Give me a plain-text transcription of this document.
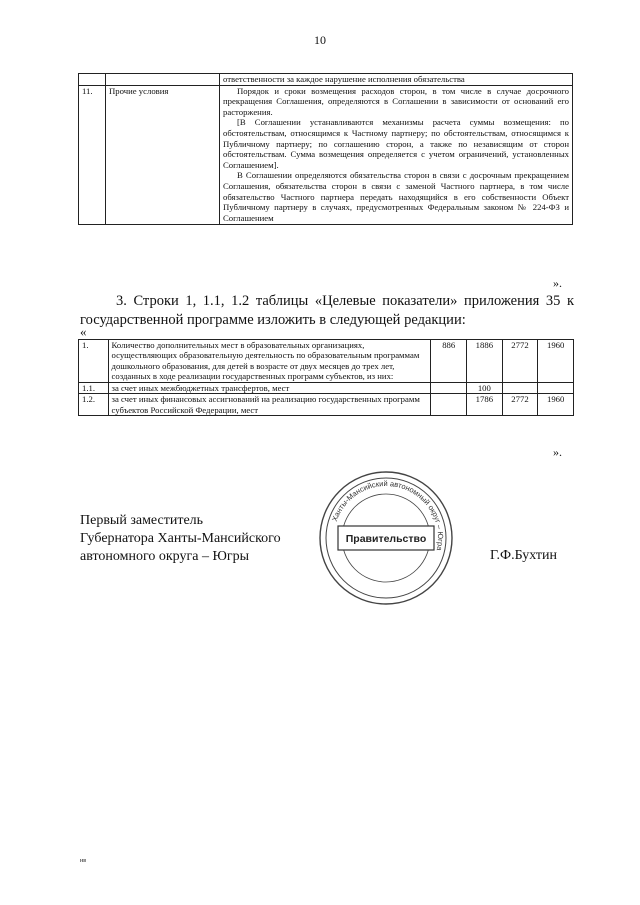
10
		ответственности за каждое нарушение исполнения обязательства
11.	Прочие условия	Порядок и сроки возмещения расходов сторон, в том числе в случае досрочного прекращения Соглашения, определяются в Соглашении в зависимости от оснований его расторжения.

[В Соглашении устанавливаются механизмы расчета суммы возмещения: по обстоятельствам, относящимся к Частному партнеру; по обстоятельствам, относящимся к Публичному партнеру; по соглашению сторон, а также по независящим от сторон обстоятельствам. Сумма возмещения определяется с учетом ограничений, установленных Соглашением].

В Соглашении определяются обязательства сторон в связи с досрочным прекращением Соглашения, обязательства сторон в связи с заменой Частного партнера, в том числе обязательство Частного партнера передать находящийся в его собственности Объект Публичному партнеру в случаях, предусмотренных Федеральным законом № 224-ФЗ и Соглашением

».
3. Строки 1, 1.1, 1.2 таблицы «Целевые показатели» приложения 35 к государственной программе изложить в следующей редакции:
«
1.	Количество дополнительных мест в образовательных организациях, осуществляющих образовательную деятельность по образовательным программам дошкольного образования, для детей в возрасте от двух месяцев до трех лет, созданных в ходе реализации государственных программ субъектов, из них:	886	1886	2772	1960
1.1.	за счет иных межбюджетных трансфертов, мест		100		
1.2.	за счет иных финансовых ассигнований на реализацию государственных программ субъектов Российской Федерации, мест		1786	2772	1960
».
Первый заместитель
Губернатора Ханты-Мансийского
автономного округа – Югры
Ханты-Мансийский автономный округ – Югра
Правительство
Г.Ф.Бухтин
нв
